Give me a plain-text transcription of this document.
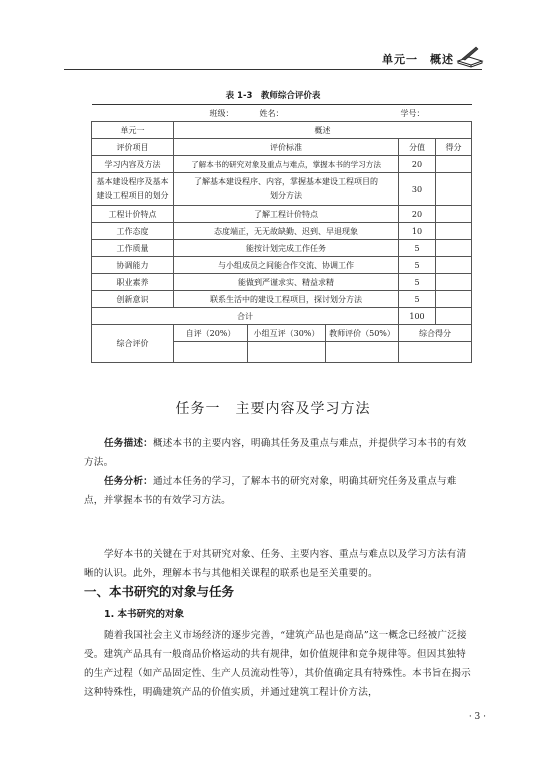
单元一　概述
表 1-3　教师综合评价表
班级：		姓名：		学号：	
单元一	概述				
评价项目	评价标准			分值	得分
学习内容及方法	了解本书的研究对象及重点与难点，掌握本书的学习方法			20	
基本建设程序及基本建设工程项目的划分	了解基本建设程序、内容，掌握基本建设工程项目的划分方法			30	
工程计价特点	了解工程计价特点			20	
工作态度	态度端正，无无故缺勤、迟到、早退现象			10	
工作质量	能按计划完成工作任务			5	
协调能力	与小组成员之间能合作交流、协调工作			5	
职业素养	能做到严谨求实、精益求精			5	
创新意识	联系生活中的建设工程项目，探讨划分方法			5	
合计				100	
综合评价	自评（20%）	小组互评（30%）	教师评价（50%）	综合得分	

任务一　主要内容及学习方法
任务描述：概述本书的主要内容，明确其任务及重点与难点，并提供学习本书的有效方法。
任务分析：通过本任务的学习，了解本书的研究对象，明确其研究任务及重点与难点，并掌握本书的有效学习方法。
学好本书的关键在于对其研究对象、任务、主要内容、重点与难点以及学习方法有清晰的认识。此外，理解本书与其他相关课程的联系也是至关重要的。
一、本书研究的对象与任务
1. 本书研究的对象
随着我国社会主义市场经济的逐步完善，“建筑产品也是商品”这一概念已经被广泛接受。建筑产品具有一般商品价格运动的共有规律，如价值规律和竞争规律等。但因其独特的生产过程（如产品固定性、生产人员流动性等），其价值确定具有特殊性。本书旨在揭示这种特殊性，明确建筑产品的价值实质，并通过建筑工程计价方法，
· 3 ·
